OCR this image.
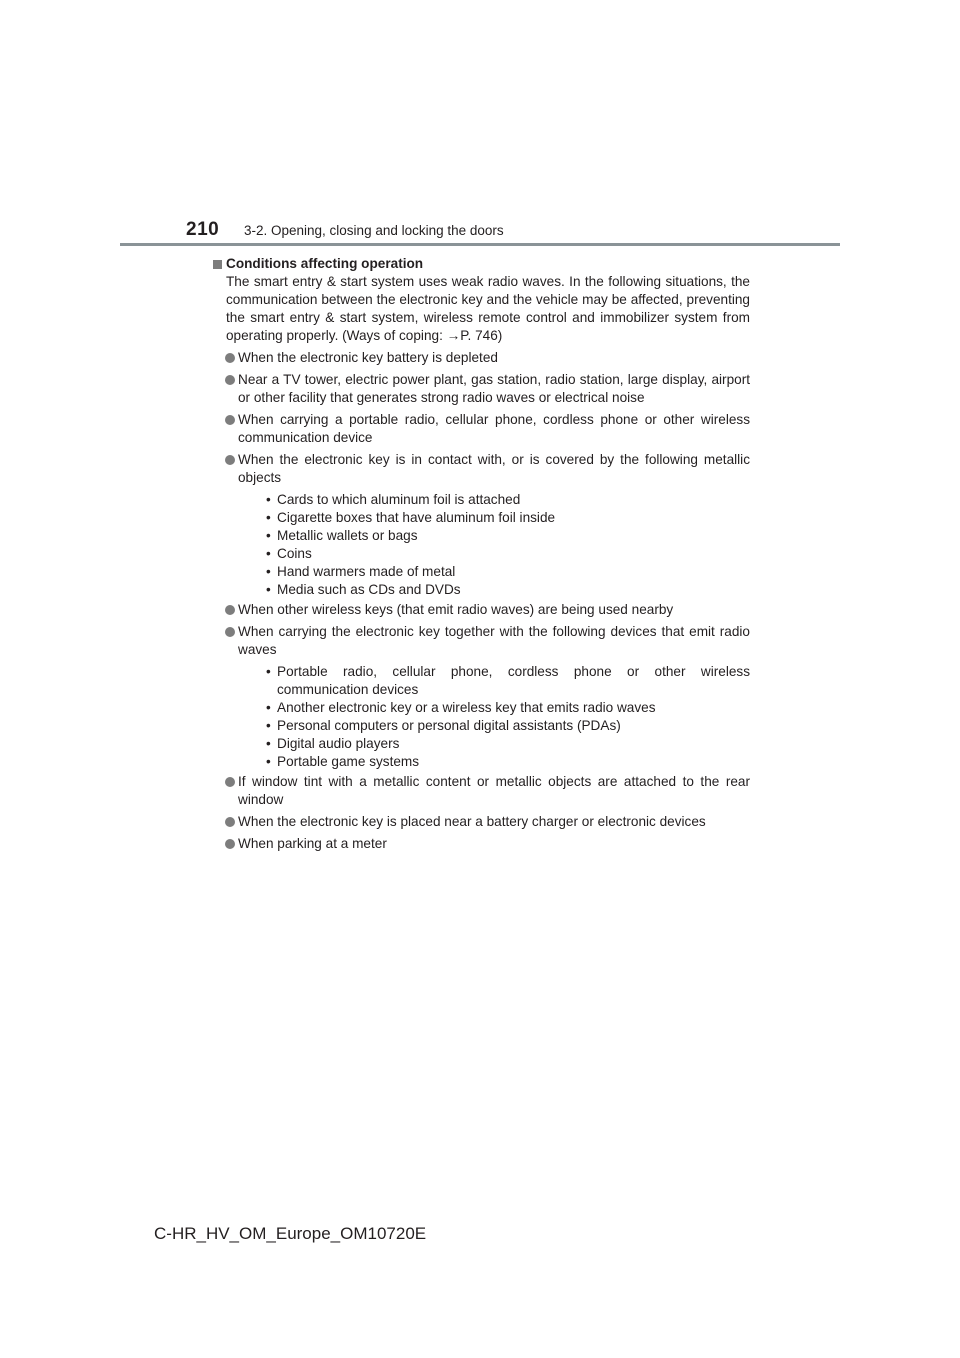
210 3-2. Opening, closing and locking the doors
Conditions affecting operation

The smart entry & start system uses weak radio waves. In the following situations, the communication between the electronic key and the vehicle may be affected, preventing the smart entry & start system, wireless remote control and immobilizer system from operating properly. (Ways of coping: →P. 746)

When the electronic key battery is depleted
Near a TV tower, electric power plant, gas station, radio station, large display, airport or other facility that generates strong radio waves or electrical noise
When carrying a portable radio, cellular phone, cordless phone or other wireless communication device
When the electronic key is in contact with, or is covered by the following metallic objects
• Cards to which aluminum foil is attached
• Cigarette boxes that have aluminum foil inside
• Metallic wallets or bags
• Coins
• Hand warmers made of metal
• Media such as CDs and DVDs
When other wireless keys (that emit radio waves) are being used nearby
When carrying the electronic key together with the following devices that emit radio waves
• Portable radio, cellular phone, cordless phone or other wireless communication devices
• Another electronic key or a wireless key that emits radio waves
• Personal computers or personal digital assistants (PDAs)
• Digital audio players
• Portable game systems
If window tint with a metallic content or metallic objects are attached to the rear window
When the electronic key is placed near a battery charger or electronic devices
When parking at a meter
C-HR_HV_OM_Europe_OM10720E
